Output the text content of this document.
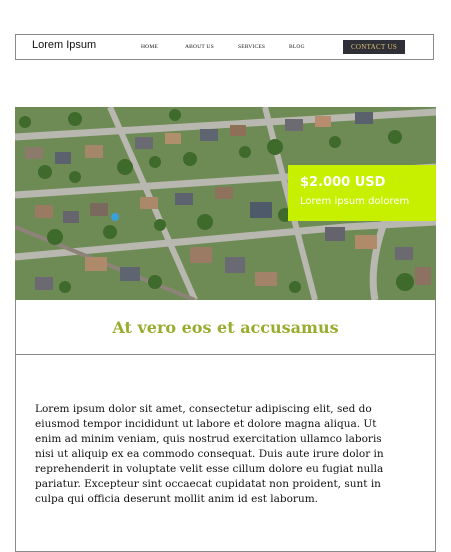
Lorem Ipsum	HOME	ABOUT US	SERVICES	BLOG	CONTACT US
$2.000 USD
Lorem ipsum dolorem
At vero eos et accusamus

Lorem ipsum dolor sit amet, consectetur adipiscing elit, sed do eiusmod tempor incididunt ut labore et dolore magna aliqua. Ut enim ad minim veniam, quis nostrud exercitation ullamco laboris nisi ut aliquip ex ea commodo consequat. Duis aute irure dolor in reprehenderit in voluptate velit esse cillum dolore eu fugiat nulla pariatur. Excepteur sint occaecat cupidatat non proident, sunt in culpa qui officia deserunt mollit anim id est laborum.
